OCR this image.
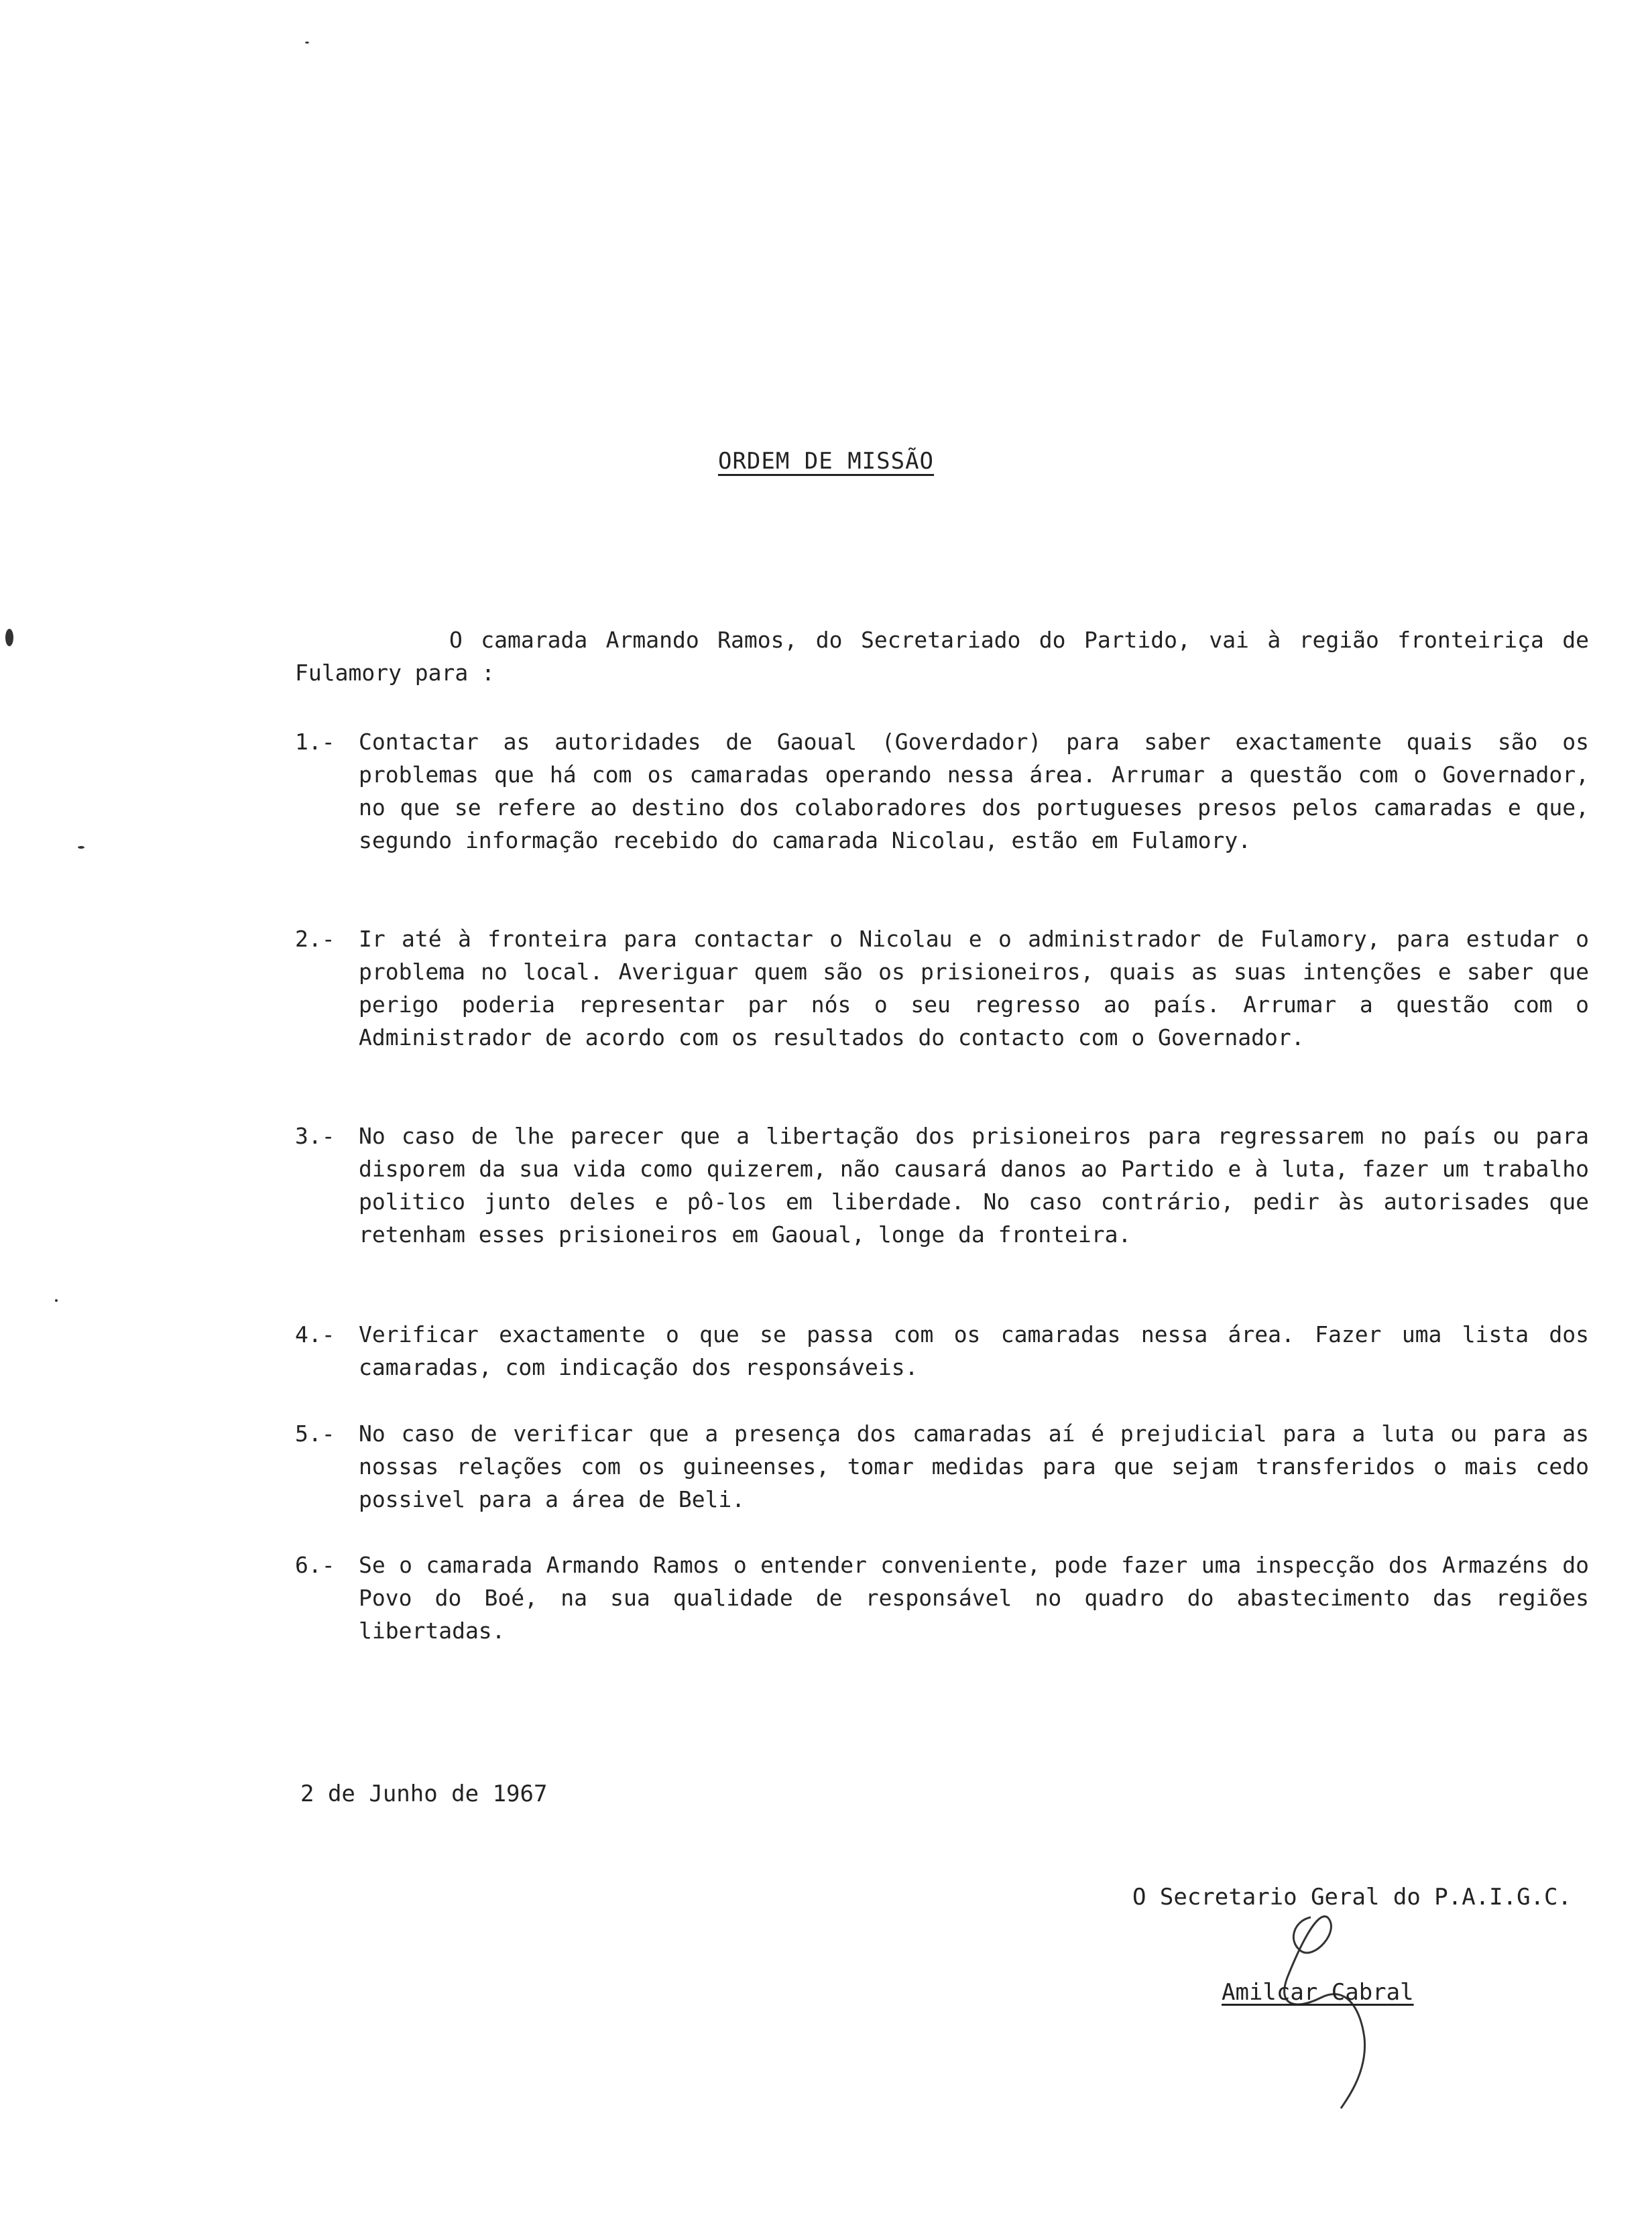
ORDEM DE MISSÃO
O camarada Armando Ramos, do Secretariado do Partido, vai à região fronteiriça de Fulamory para :
1.-	Contactar as autoridades de Gaoual (Goverdador) para saber exactamente quais são os problemas que há com os camaradas operando nessa área. Arrumar a questão com o Governador, no que se refere ao destino dos colaboradores dos portugueses presos pelos camaradas e que, segundo informação recebido do camarada Nicolau, estão em Fulamory.
2.-	Ir até à fronteira para contactar o Nicolau e o administrador de Fulamory, para estudar o problema no local. Averiguar quem são os prisioneiros, quais as suas intenções e saber que perigo poderia representar par nós o seu regresso ao país. Arrumar a questão com o Administrador de acordo com os resultados do contacto com o Governador.
3.-	No caso de lhe parecer que a libertação dos prisioneiros para regressarem no país ou para disporem da sua vida como quizerem, não causará danos ao Partido e à luta, fazer um trabalho politico junto deles e pô-los em liberdade. No caso contrário, pedir às autorisades que retenham esses prisioneiros em Gaoual, longe da fronteira.
4.-	Verificar exactamente o que se passa com os camaradas nessa área. Fazer uma lista dos camaradas, com indicação dos responsáveis.
5.-	No caso de verificar que a presença dos camaradas aí é prejudicial para a luta ou para as nossas relações com os guineenses, tomar medidas para que sejam transferidos o mais cedo possivel para a área de Beli.
6.-	Se o camarada Armando Ramos o entender conveniente, pode fazer uma inspecção dos Armazéns do Povo do Boé, na sua qualidade de responsável no quadro do abastecimento das regiões libertadas.
2 de Junho de 1967
O Secretario Geral do P.A.I.G.C.
Amilcar Cabral
